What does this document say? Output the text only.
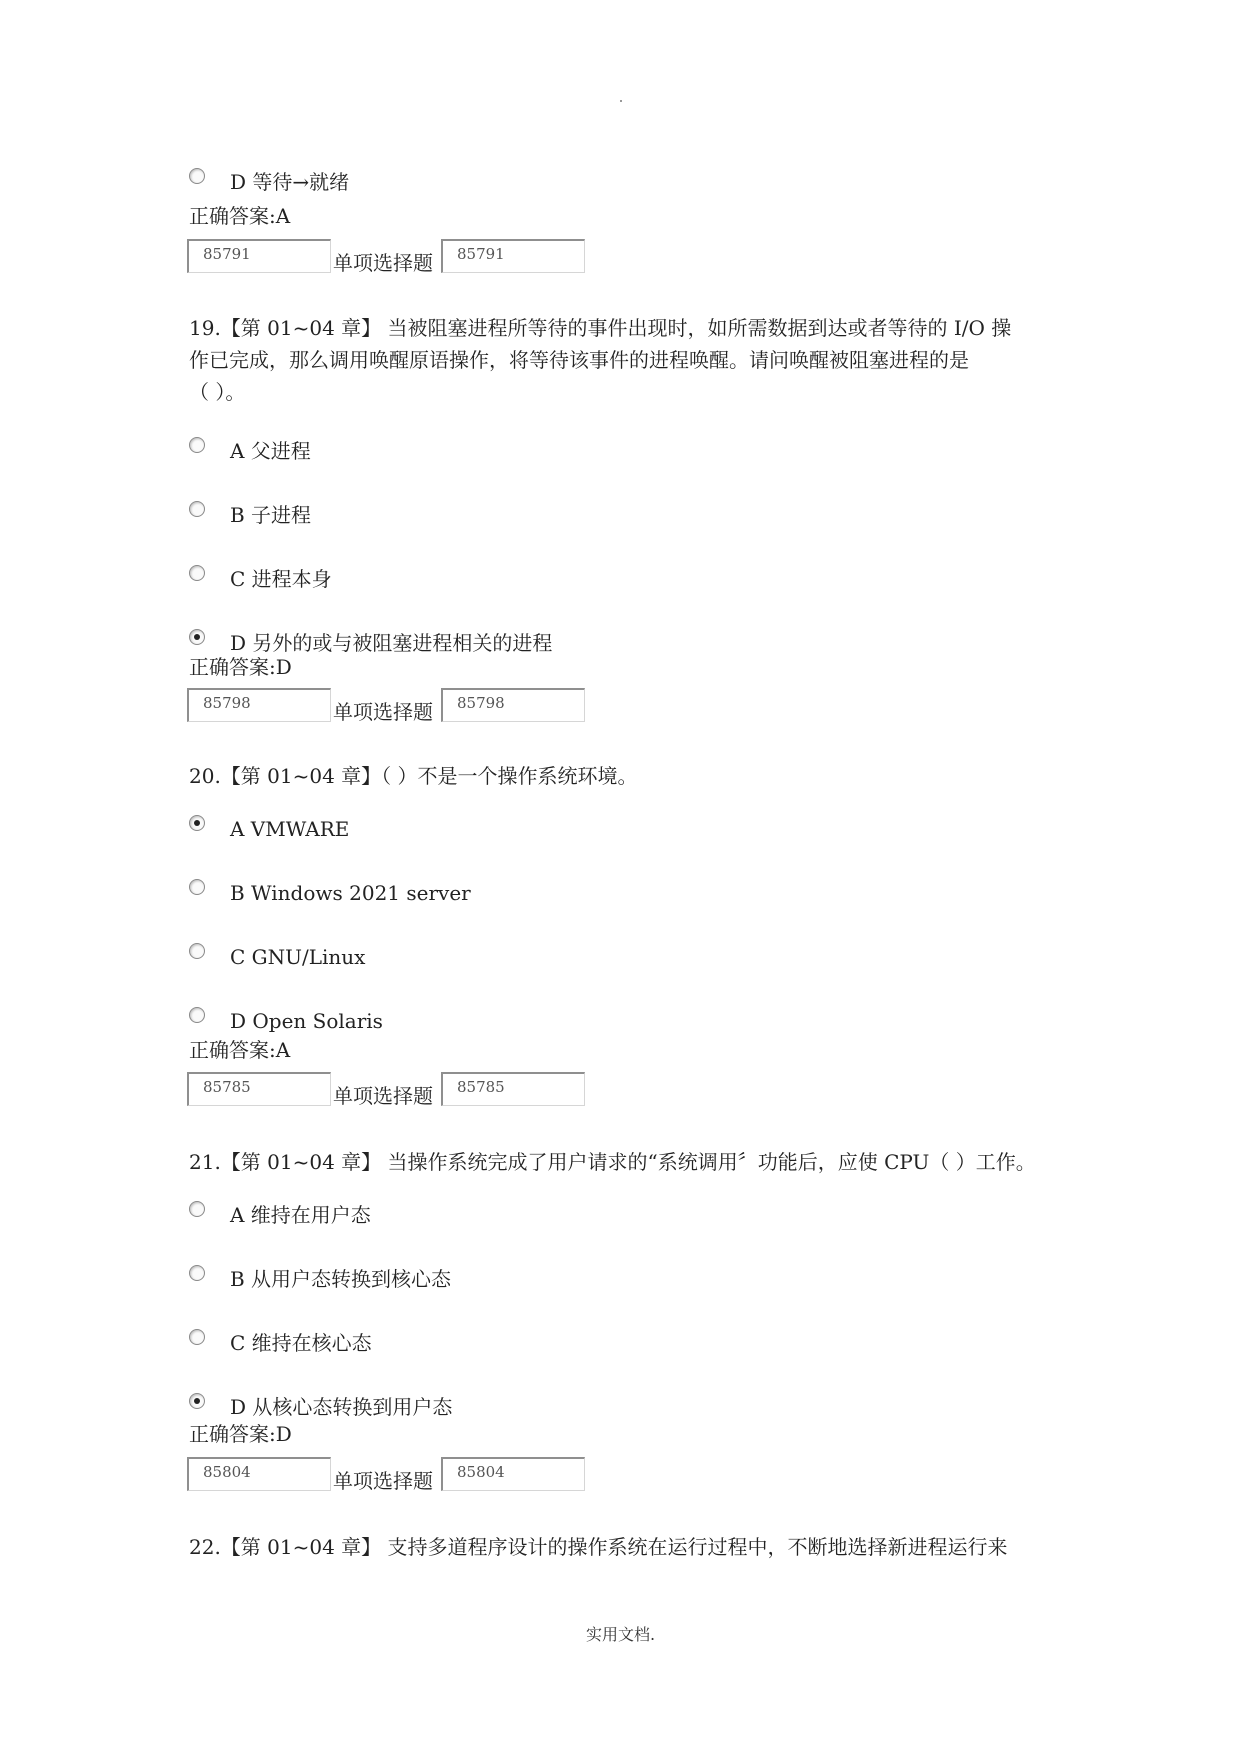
实用文档.
D 等待→就绪
正确答案:A
85791	单项选择题	85791
19.【第 01~04 章】 当被阻塞进程所等待的事件出现时，如所需数据到达或者等待的 I/O 操
作已完成，那么调用唤醒原语操作，将等待该事件的进程唤醒。请问唤醒被阻塞进程的是
（ ）。
A 父进程
B 子进程
C 进程本身
D 另外的或与被阻塞进程相关的进程
正确答案:D
85798	单项选择题	85798
20.【第 01~04 章】（ ）不是一个操作系统环境。
A VMWARE
B Windows 2021 server
C GNU/Linux
D Open Solaris
正确答案:A
85785	单项选择题	85785
21.【第 01~04 章】 当操作系统完成了用户请求的“系统调用〞功能后，应使 CPU（ ）工作。
A 维持在用户态
B 从用户态转换到核心态
C 维持在核心态
D 从核心态转换到用户态
正确答案:D
85804	单项选择题	85804
22.【第 01~04 章】 支持多道程序设计的操作系统在运行过程中，不断地选择新进程运行来
